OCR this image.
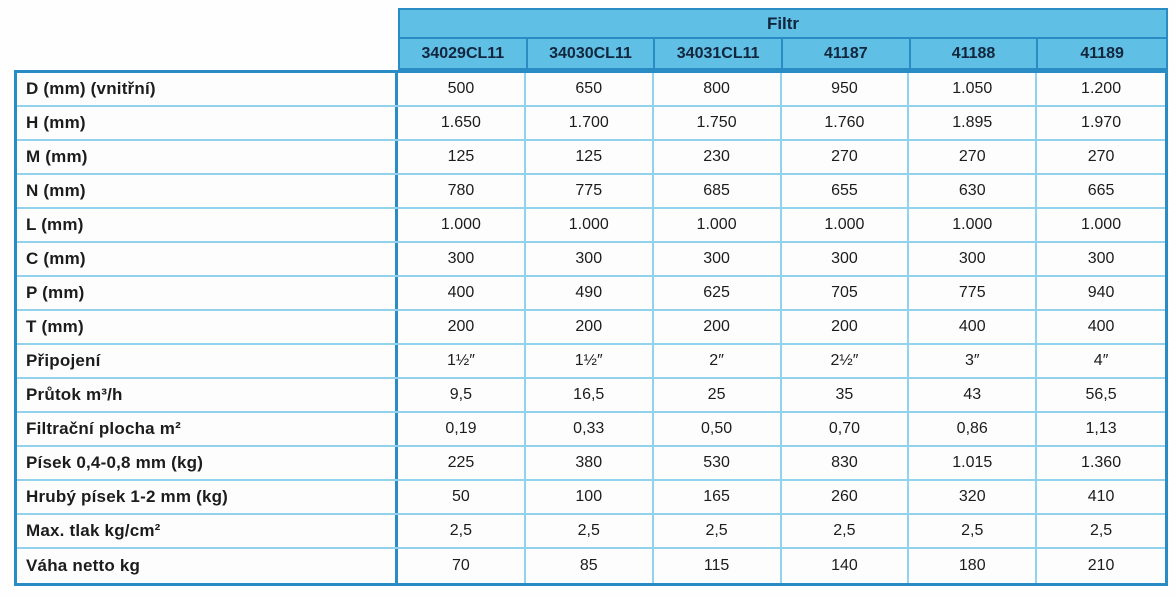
Filtr
34029CL11	34030CL11	34031CL11	41187	41188	41189
D (mm) (vnitřní)	500	650	800	950	1.050	1.200
H (mm)	1.650	1.700	1.750	1.760	1.895	1.970
M (mm)	125	125	230	270	270	270
N (mm)	780	775	685	655	630	665
L (mm)	1.000	1.000	1.000	1.000	1.000	1.000
C (mm)	300	300	300	300	300	300
P (mm)	400	490	625	705	775	940
T (mm)	200	200	200	200	400	400
Připojení	1½″	1½″	2″	2½″	3″	4″
Průtok m³/h	9,5	16,5	25	35	43	56,5
Filtrační plocha m²	0,19	0,33	0,50	0,70	0,86	1,13
Písek 0,4-0,8 mm (kg)	225	380	530	830	1.015	1.360
Hrubý písek 1-2 mm (kg)	50	100	165	260	320	410
Max. tlak kg/cm²	2,5	2,5	2,5	2,5	2,5	2,5
Váha netto kg	70	85	115	140	180	210
